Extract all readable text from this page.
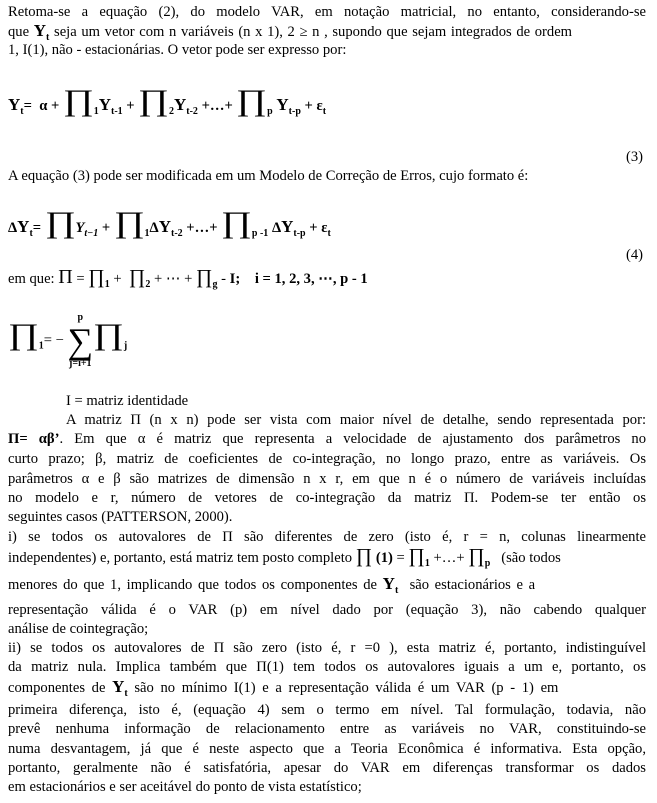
Retoma-se a equação (2), do modelo VAR, em notação matricial, no entanto, considerando-se
que $Y_t$ seja um vetor com n variáveis (n x 1), 2 ≥ n , supondo que sejam integrados de ordem
1, I(1), não - estacionárias. O vetor pode ser expresso por:
$Y_t= \alpha$ + $\prod_1Y_{t-1}$ + $\prod_2Y_{t-2}$ +…+ $\prod_p$ $Y_{t-p} + \varepsilon_t$
(3)
A equação (3) pode ser modificada em um Modelo de Correção de Erros, cujo formato é:
$\Delta Y_t=$ $\prod Y_{t-1}$ + $\prod_1\Delta Y_{t-2}$ +…+ $\prod_{p -1}$ $\Delta Y_{t-p} + \varepsilon_t$
(4)
em que: $\Pi = \prod_1$ +  $\prod_2$ + ⋯ + $\prod_g$ - I; i = 1, 2, 3, ⋯, p - 1
$\prod_1=$ −
p
∑
j=i+1
$\prod_j$
I = matriz identidade
A matriz Π (n x n) pode ser vista com maior nível de detalhe, sendo representada por:
Π= αβ’. Em que α é matriz que representa a velocidade de ajustamento dos parâmetros no
curto prazo; β, matriz de coeficientes de co-integração, no longo prazo, entre as variáveis. Os
parâmetros α e β são matrizes de dimensão n x r, em que n é o número de variáveis incluídas
no modelo e r, número de vetores de co-integração da matriz Π. Podem-se ter então os
seguintes casos (PATTERSON, 2000).
i) se todos os autovalores de Π são diferentes de zero (isto é, r = n, colunas linearmente
independentes) e, portanto, está matriz tem posto completo ∏ $(1) = \prod_1$ +…+ $\prod_p$ (são todos
menores do que 1, implicando que todos os componentes de $Y_t$ são estacionários e a
representação válida é o VAR (p) em nível dado por (equação 3), não cabendo qualquer
análise de cointegração;
ii) se todos os autovalores de Π são zero (isto é, r =0 ), esta matriz é, portanto, indistinguível
da matriz nula. Implica também que Π(1) tem todos os autovalores iguais a um e, portanto, os
componentes de $Y_t$ são no mínimo I(1) e a representação válida é um VAR (p - 1) em
primeira diferença, isto é, (equação 4) sem o termo em nível. Tal formulação, todavia, não
prevê nenhuma informação de relacionamento entre as variáveis no VAR, constituindo-se
numa desvantagem, já que é neste aspecto que a Teoria Econômica é informativa. Esta opção,
portanto, geralmente não é satisfatória, apesar do VAR em diferenças transformar os dados
em estacionários e ser aceitável do ponto de vista estatístico;
